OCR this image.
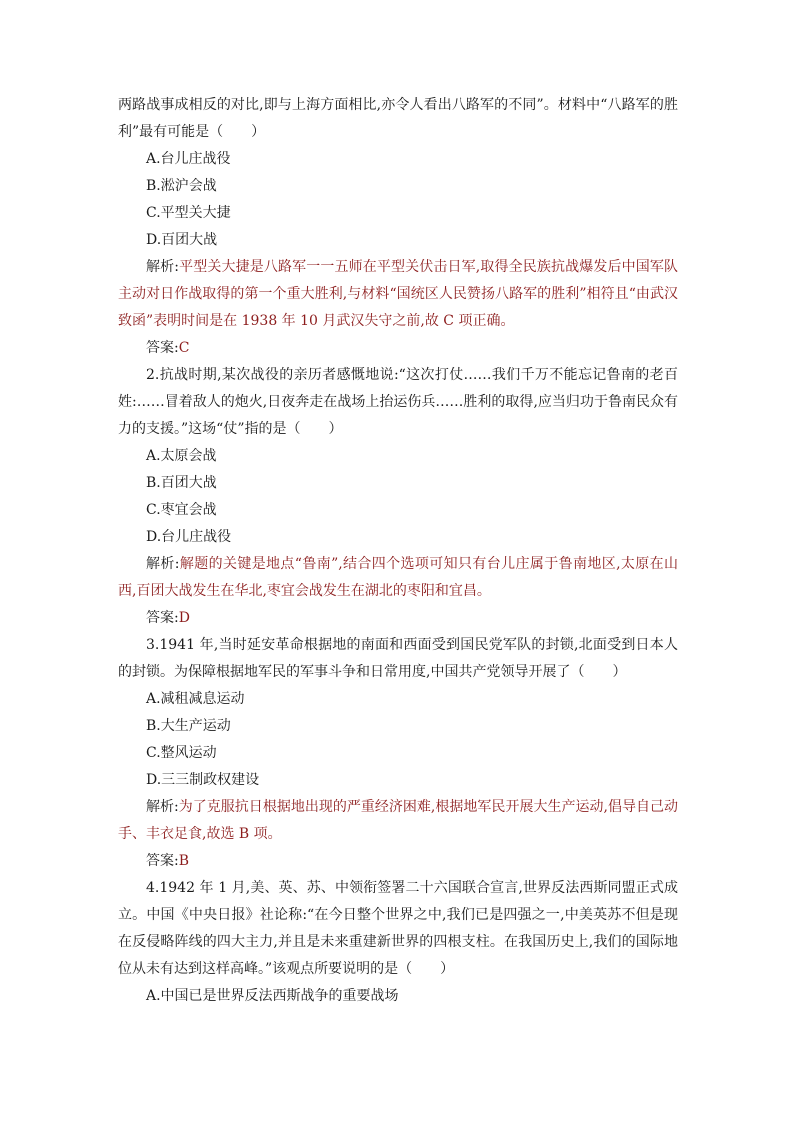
两路战事成相反的对比,即与上海方面相比,亦令人看出八路军的不同”。材料中“八路军的胜利”最有可能是（　　）

A.台儿庄战役

B.淞沪会战

C.平型关大捷

D.百团大战

解析:平型关大捷是八路军一一五师在平型关伏击日军,取得全民族抗战爆发后中国军队主动对日作战取得的第一个重大胜利,与材料“国统区人民赞扬八路军的胜利”相符且“由武汉致函”表明时间是在 1938 年 10 月武汉失守之前,故 C 项正确。

答案:C

2.抗战时期,某次战役的亲历者感慨地说:“这次打仗……我们千万不能忘记鲁南的老百姓:……冒着敌人的炮火,日夜奔走在战场上抬运伤兵……胜利的取得,应当归功于鲁南民众有力的支援。”这场“仗”指的是（　　）

A.太原会战

B.百团大战

C.枣宜会战

D.台儿庄战役

解析:解题的关键是地点“鲁南”,结合四个选项可知只有台儿庄属于鲁南地区,太原在山西,百团大战发生在华北,枣宜会战发生在湖北的枣阳和宜昌。

答案:D

3.1941 年,当时延安革命根据地的南面和西面受到国民党军队的封锁,北面受到日本人的封锁。为保障根据地军民的军事斗争和日常用度,中国共产党领导开展了（　　）

A.减租减息运动

B.大生产运动

C.整风运动

D.三三制政权建设

解析:为了克服抗日根据地出现的严重经济困难,根据地军民开展大生产运动,倡导自己动手、丰衣足食,故选 B 项。

答案:B

4.1942 年 1 月,美、英、苏、中领衔签署二十六国联合宣言,世界反法西斯同盟正式成立。中国《中央日报》社论称:“在今日整个世界之中,我们已是四强之一,中美英苏不但是现在反侵略阵线的四大主力,并且是未来重建新世界的四根支柱。在我国历史上,我们的国际地位从未有达到这样高峰。”该观点所要说明的是（　　）

A.中国已是世界反法西斯战争的重要战场
